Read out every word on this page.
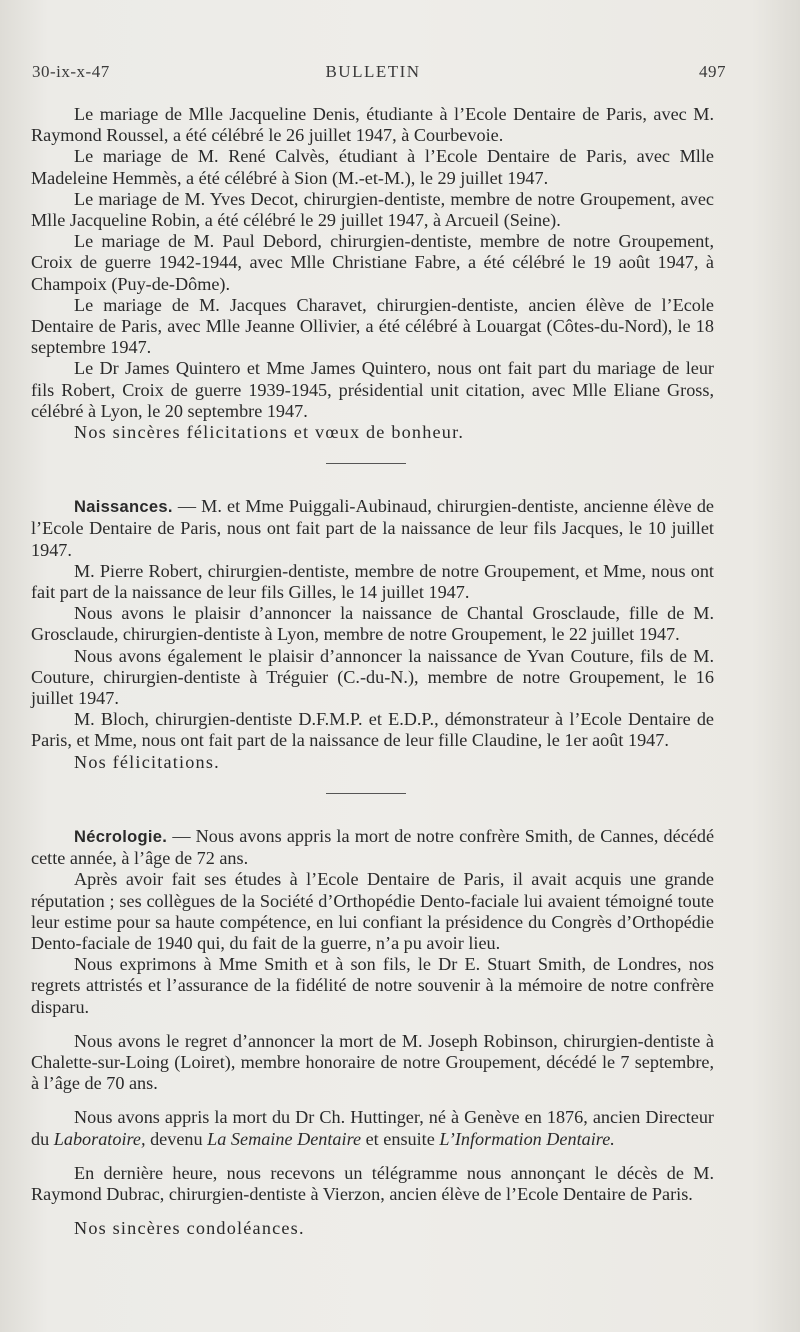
30-ix-x-47	BULLETIN	497

Le mariage de Mlle Jacqueline Denis, étudiante à l’Ecole Dentaire de Paris, avec M. Raymond Roussel, a été célébré le 26 juillet 1947, à Courbevoie.

Le mariage de M. René Calvès, étudiant à l’Ecole Dentaire de Paris, avec Mlle Madeleine Hemmès, a été célébré à Sion (M.-et-M.), le 29 juillet 1947.

Le mariage de M. Yves Decot, chirurgien-dentiste, membre de notre Groupement, avec Mlle Jacqueline Robin, a été célébré le 29 juillet 1947, à Arcueil (Seine).

Le mariage de M. Paul Debord, chirurgien-dentiste, membre de notre Groupement, Croix de guerre 1942-1944, avec Mlle Christiane Fabre, a été célébré le 19 août 1947, à Champoix (Puy-de-Dôme).

Le mariage de M. Jacques Charavet, chirurgien-dentiste, ancien élève de l’Ecole Dentaire de Paris, avec Mlle Jeanne Ollivier, a été célébré à Louargat (Côtes-du-Nord), le 18 septembre 1947.

Le Dr James Quintero et Mme James Quintero, nous ont fait part du mariage de leur fils Robert, Croix de guerre 1939-1945, présidential unit citation, avec Mlle Eliane Gross, célébré à Lyon, le 20 septembre 1947.

Nos sincères félicitations et vœux de bonheur.

Naissances. — M. et Mme Puiggali-Aubinaud, chirurgien-dentiste, ancienne élève de l’Ecole Dentaire de Paris, nous ont fait part de la naissance de leur fils Jacques, le 10 juillet 1947.

M. Pierre Robert, chirurgien-dentiste, membre de notre Groupement, et Mme, nous ont fait part de la naissance de leur fils Gilles, le 14 juillet 1947.

Nous avons le plaisir d’annoncer la naissance de Chantal Grosclaude, fille de M. Grosclaude, chirurgien-dentiste à Lyon, membre de notre Groupement, le 22 juillet 1947.

Nous avons également le plaisir d’annoncer la naissance de Yvan Couture, fils de M. Couture, chirurgien-dentiste à Tréguier (C.-du-N.), membre de notre Groupement, le 16 juillet 1947.

M. Bloch, chirurgien-dentiste D.F.M.P. et E.D.P., démonstrateur à l’Ecole Dentaire de Paris, et Mme, nous ont fait part de la naissance de leur fille Claudine, le 1er août 1947.

Nos félicitations.

Nécrologie. — Nous avons appris la mort de notre confrère Smith, de Cannes, décédé cette année, à l’âge de 72 ans.

Après avoir fait ses études à l’Ecole Dentaire de Paris, il avait acquis une grande réputation ; ses collègues de la Société d’Orthopédie Dento-faciale lui avaient témoigné toute leur estime pour sa haute compétence, en lui confiant la présidence du Congrès d’Orthopédie Dento-faciale de 1940 qui, du fait de la guerre, n’a pu avoir lieu.

Nous exprimons à Mme Smith et à son fils, le Dr E. Stuart Smith, de Londres, nos regrets attristés et l’assurance de la fidélité de notre souvenir à la mémoire de notre confrère disparu.

Nous avons le regret d’annoncer la mort de M. Joseph Robinson, chirurgien-dentiste à Chalette-sur-Loing (Loiret), membre honoraire de notre Groupement, décédé le 7 septembre, à l’âge de 70 ans.

Nous avons appris la mort du Dr Ch. Huttinger, né à Genève en 1876, ancien Directeur du Laboratoire, devenu La Semaine Dentaire et ensuite L’Information Dentaire.

En dernière heure, nous recevons un télégramme nous annonçant le décès de M. Raymond Dubrac, chirurgien-dentiste à Vierzon, ancien élève de l’Ecole Dentaire de Paris.

Nos sincères condoléances.
